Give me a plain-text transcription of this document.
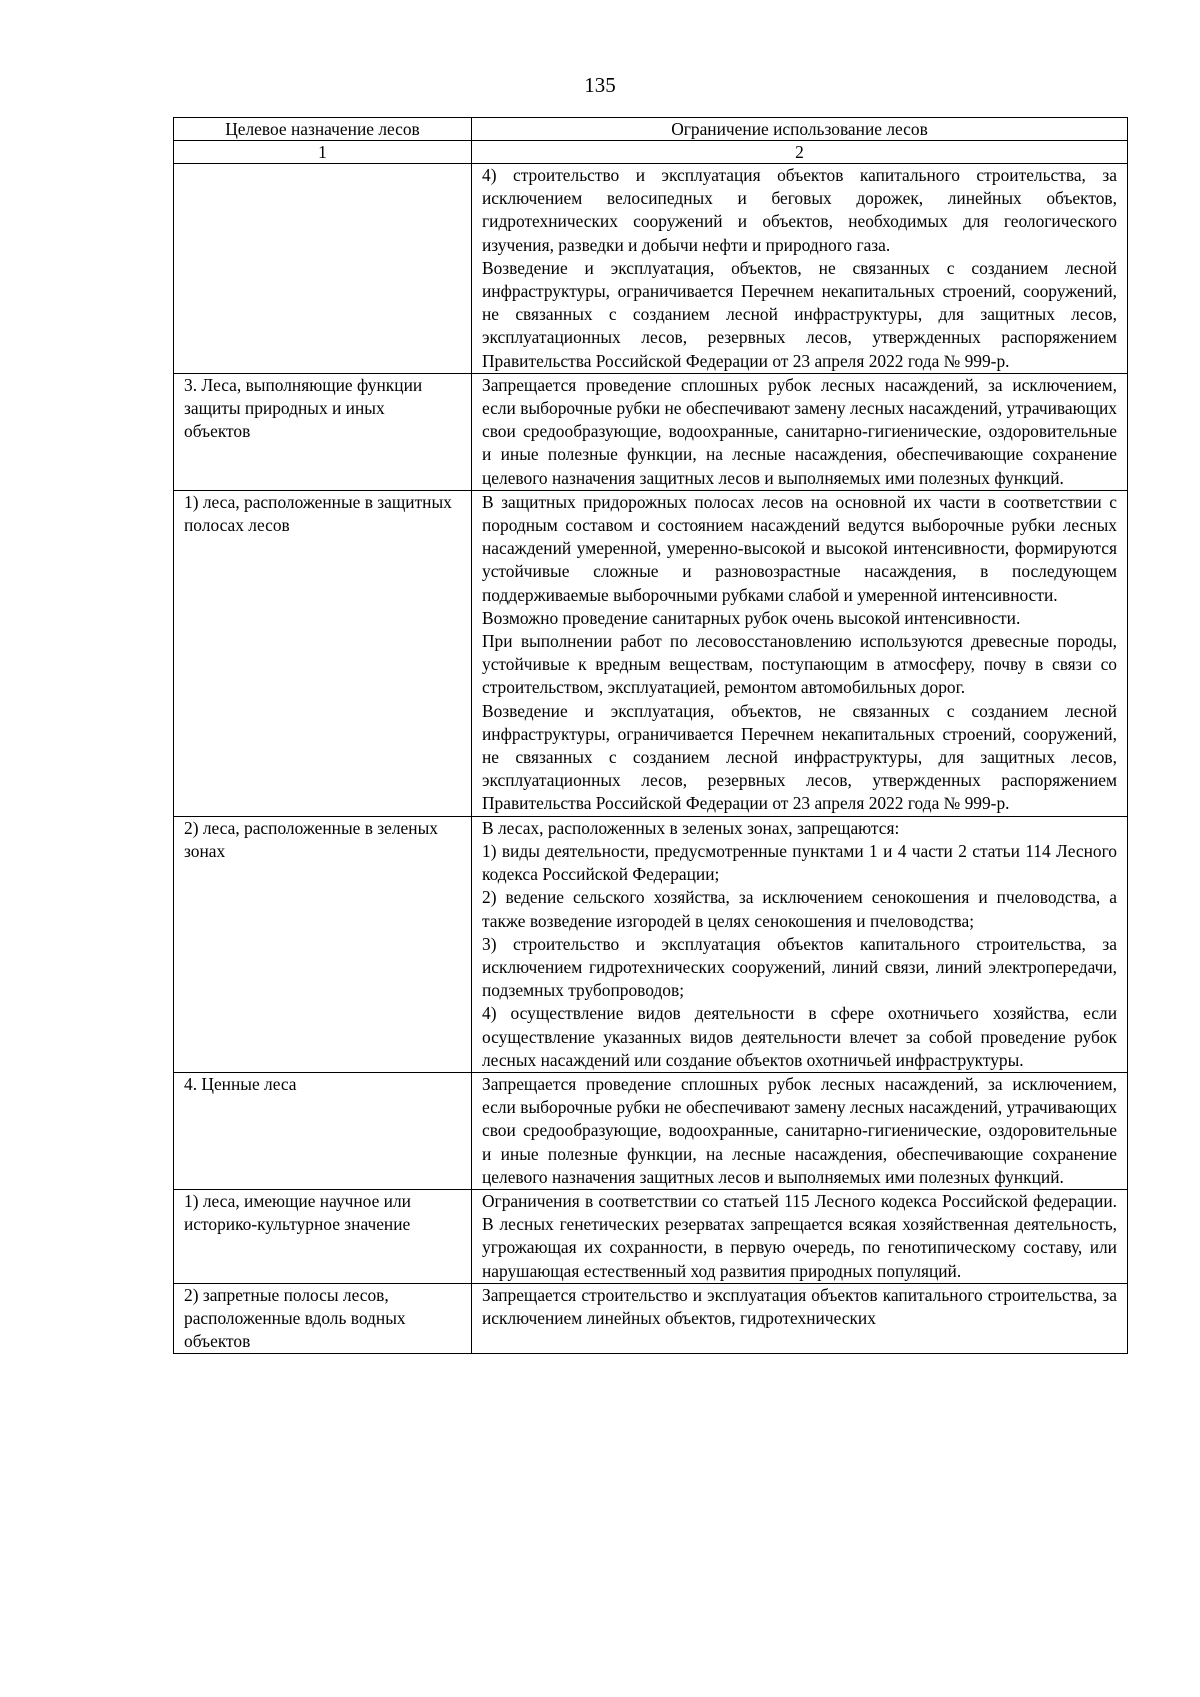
135
Целевое назначение лесов	Ограничение использование лесов
1	2

	4) строительство и эксплуатация объектов капитального строительства, за исключением велосипедных и беговых дорожек, линейных объектов, гидротехнических сооружений и объектов, необходимых для геологического изучения, разведки и добычи нефти и природного газа.
Возведение и эксплуатация, объектов, не связанных с созданием лесной инфраструктуры, ограничивается Перечнем некапитальных строений, сооружений, не связанных с созданием лесной инфраструктуры, для защитных лесов, эксплуатационных лесов, резервных лесов, утвержденных распоряжением Правительства Российской Федерации от 23 апреля 2022 года № 999-р.

3. Леса, выполняющие функции защиты природных и иных объектов	Запрещается проведение сплошных рубок лесных насаждений, за исключением, если выборочные рубки не обеспечивают замену лесных насаждений, утрачивающих свои средообразующие, водоохранные, санитарно-гигиенические, оздоровительные и иные полезные функции, на лесные насаждения, обеспечивающие сохранение целевого назначения защитных лесов и выполняемых ими полезных функций.

1) леса, расположенные в защитных полосах лесов	В защитных придорожных полосах лесов на основной их части в соответствии с породным составом и состоянием насаждений ведутся выборочные рубки лесных насаждений умеренной, умеренно-высокой и высокой интенсивности, формируются устойчивые сложные и разновозрастные насаждения, в последующем поддерживаемые выборочными рубками слабой и умеренной интенсивности.
Возможно проведение санитарных рубок очень высокой интенсивности.
При выполнении работ по лесовосстановлению используются древесные породы, устойчивые к вредным веществам, поступающим в атмосферу, почву в связи со строительством, эксплуатацией, ремонтом автомобильных дорог.
Возведение и эксплуатация, объектов, не связанных с созданием лесной инфраструктуры, ограничивается Перечнем некапитальных строений, сооружений, не связанных с созданием лесной инфраструктуры, для защитных лесов, эксплуатационных лесов, резервных лесов, утвержденных распоряжением Правительства Российской Федерации от 23 апреля 2022 года № 999-р.

2) леса, расположенные в зеленых зонах	В лесах, расположенных в зеленых зонах, запрещаются:
1) виды деятельности, предусмотренные пунктами 1 и 4 части 2 статьи 114 Лесного кодекса Российской Федерации;
2) ведение сельского хозяйства, за исключением сенокошения и пчеловодства, а также возведение изгородей в целях сенокошения и пчеловодства;
3) строительство и эксплуатация объектов капитального строительства, за исключением гидротехнических сооружений, линий связи, линий электропередачи, подземных трубопроводов;
4) осуществление видов деятельности в сфере охотничьего хозяйства, если осуществление указанных видов деятельности влечет за собой проведение рубок лесных насаждений или создание объектов охотничьей инфраструктуры.

4. Ценные леса	Запрещается проведение сплошных рубок лесных насаждений, за исключением, если выборочные рубки не обеспечивают замену лесных насаждений, утрачивающих свои средообразующие, водоохранные, санитарно-гигиенические, оздоровительные и иные полезные функции, на лесные насаждения, обеспечивающие сохранение целевого назначения защитных лесов и выполняемых ими полезных функций.

1) леса, имеющие научное или историко-культурное значение	Ограничения в соответствии со статьей 115 Лесного кодекса Российской федерации. В лесных генетических резерватах запрещается всякая хозяйственная деятельность, угрожающая их сохранности, в первую очередь, по генотипическому составу, или нарушающая естественный ход развития природных популяций.

2) запретные полосы лесов, расположенные вдоль водных объектов	Запрещается строительство и эксплуатация объектов капитального строительства, за исключением линейных объектов, гидротехнических
